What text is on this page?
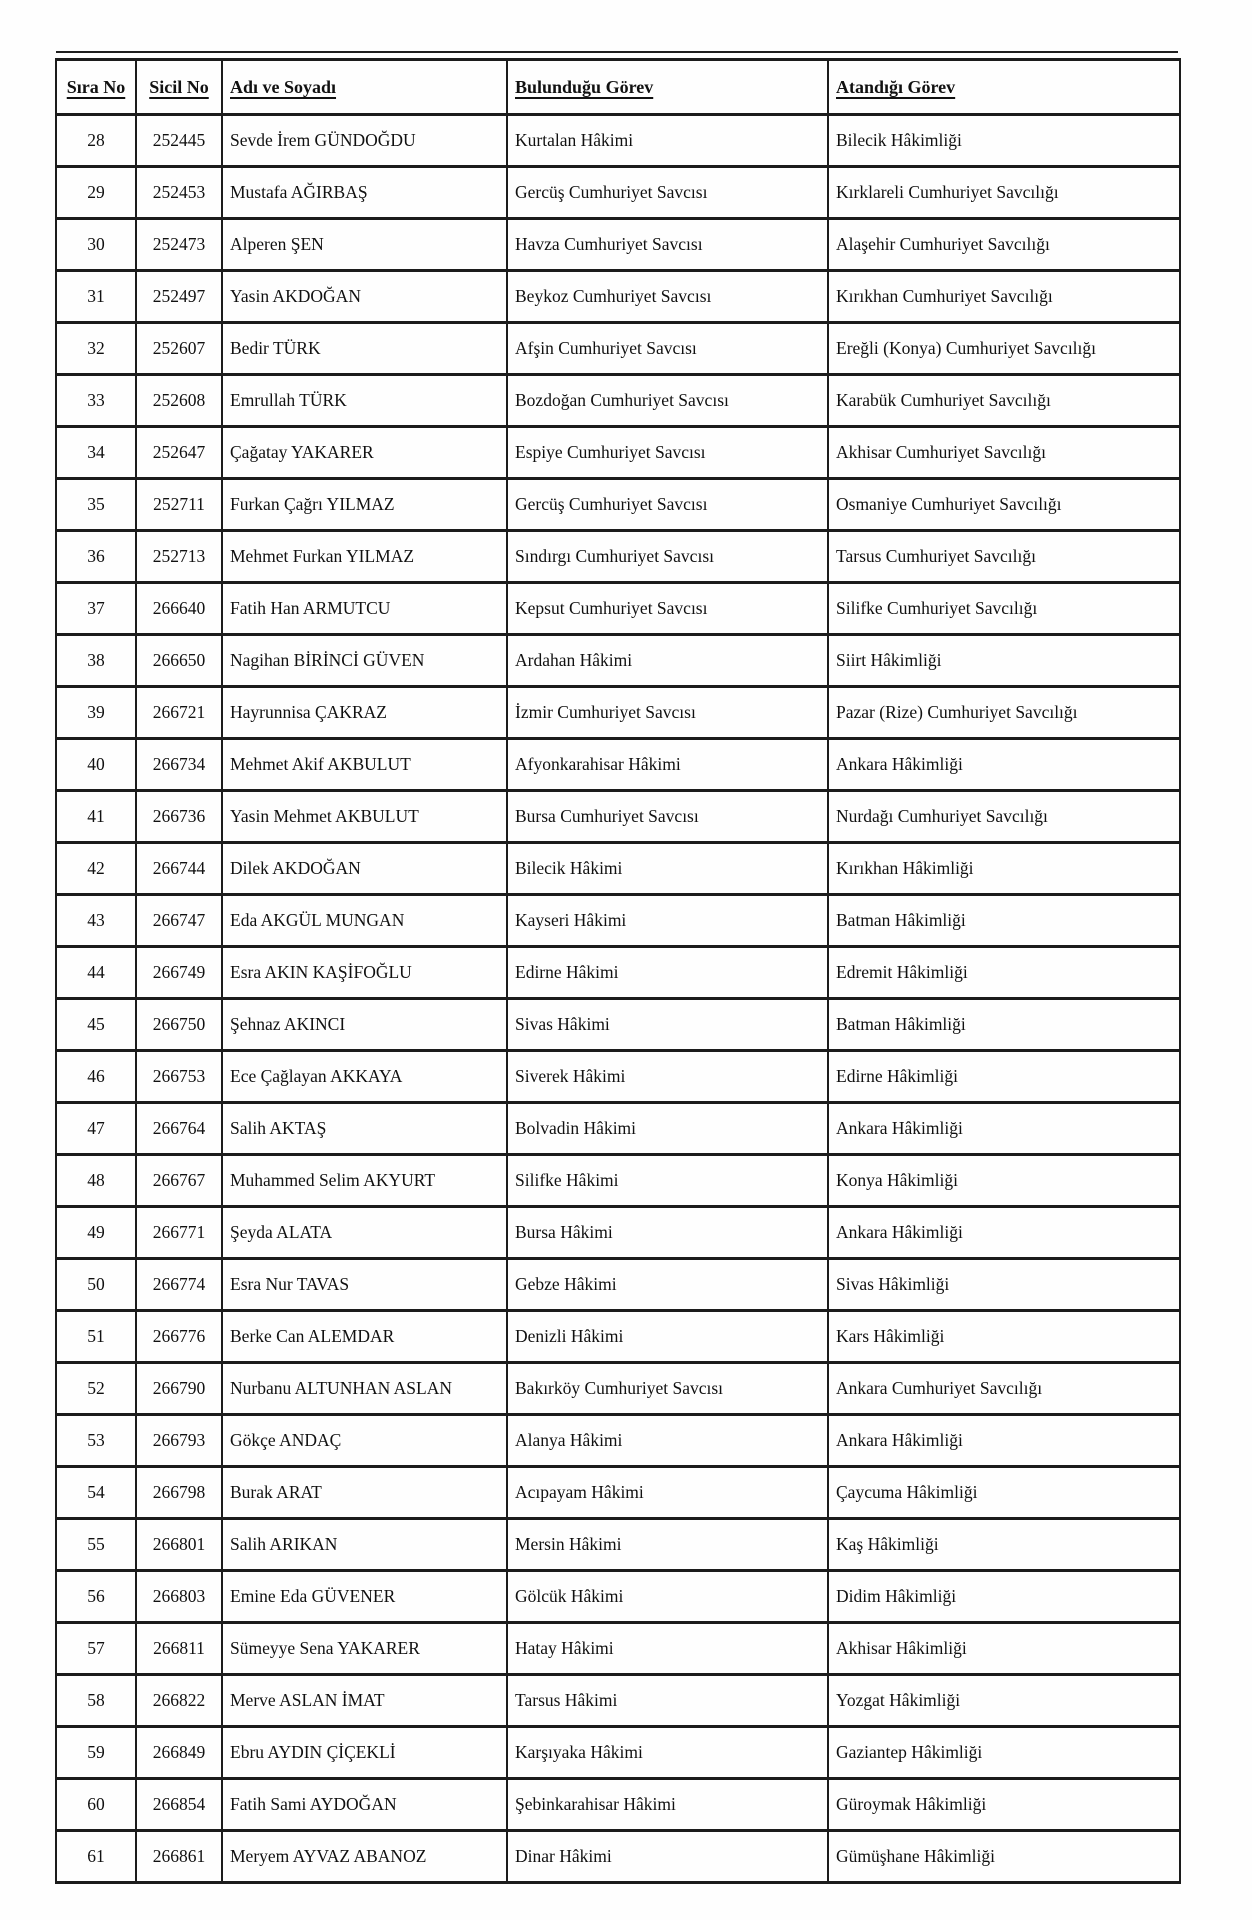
Sıra No	Sicil No	Adı ve Soyadı	Bulunduğu Görev	Atandığı Görev
28	252445	Sevde İrem GÜNDOĞDU	Kurtalan Hâkimi	Bilecik Hâkimliği
29	252453	Mustafa AĞIRBAŞ	Gercüş Cumhuriyet Savcısı	Kırklareli Cumhuriyet Savcılığı
30	252473	Alperen ŞEN	Havza Cumhuriyet Savcısı	Alaşehir Cumhuriyet Savcılığı
31	252497	Yasin AKDOĞAN	Beykoz Cumhuriyet Savcısı	Kırıkhan Cumhuriyet Savcılığı
32	252607	Bedir TÜRK	Afşin Cumhuriyet Savcısı	Ereğli (Konya) Cumhuriyet Savcılığı
33	252608	Emrullah TÜRK	Bozdoğan Cumhuriyet Savcısı	Karabük Cumhuriyet Savcılığı
34	252647	Çağatay YAKARER	Espiye Cumhuriyet Savcısı	Akhisar Cumhuriyet Savcılığı
35	252711	Furkan Çağrı YILMAZ	Gercüş Cumhuriyet Savcısı	Osmaniye Cumhuriyet Savcılığı
36	252713	Mehmet Furkan YILMAZ	Sındırgı Cumhuriyet Savcısı	Tarsus Cumhuriyet Savcılığı
37	266640	Fatih Han ARMUTCU	Kepsut Cumhuriyet Savcısı	Silifke Cumhuriyet Savcılığı
38	266650	Nagihan BİRİNCİ GÜVEN	Ardahan Hâkimi	Siirt Hâkimliği
39	266721	Hayrunnisa ÇAKRAZ	İzmir Cumhuriyet Savcısı	Pazar (Rize) Cumhuriyet Savcılığı
40	266734	Mehmet Akif AKBULUT	Afyonkarahisar Hâkimi	Ankara Hâkimliği
41	266736	Yasin Mehmet AKBULUT	Bursa Cumhuriyet Savcısı	Nurdağı Cumhuriyet Savcılığı
42	266744	Dilek AKDOĞAN	Bilecik Hâkimi	Kırıkhan Hâkimliği
43	266747	Eda AKGÜL MUNGAN	Kayseri Hâkimi	Batman Hâkimliği
44	266749	Esra AKIN KAŞİFOĞLU	Edirne Hâkimi	Edremit Hâkimliği
45	266750	Şehnaz AKINCI	Sivas Hâkimi	Batman Hâkimliği
46	266753	Ece Çağlayan AKKAYA	Siverek Hâkimi	Edirne Hâkimliği
47	266764	Salih AKTAŞ	Bolvadin Hâkimi	Ankara Hâkimliği
48	266767	Muhammed Selim AKYURT	Silifke Hâkimi	Konya Hâkimliği
49	266771	Şeyda ALATA	Bursa Hâkimi	Ankara Hâkimliği
50	266774	Esra Nur TAVAS	Gebze Hâkimi	Sivas Hâkimliği
51	266776	Berke Can ALEMDAR	Denizli Hâkimi	Kars Hâkimliği
52	266790	Nurbanu ALTUNHAN ASLAN	Bakırköy Cumhuriyet Savcısı	Ankara Cumhuriyet Savcılığı
53	266793	Gökçe ANDAÇ	Alanya Hâkimi	Ankara Hâkimliği
54	266798	Burak ARAT	Acıpayam Hâkimi	Çaycuma Hâkimliği
55	266801	Salih ARIKAN	Mersin Hâkimi	Kaş Hâkimliği
56	266803	Emine Eda GÜVENER	Gölcük Hâkimi	Didim Hâkimliği
57	266811	Sümeyye Sena YAKARER	Hatay Hâkimi	Akhisar Hâkimliği
58	266822	Merve ASLAN İMAT	Tarsus Hâkimi	Yozgat Hâkimliği
59	266849	Ebru AYDIN ÇİÇEKLİ	Karşıyaka Hâkimi	Gaziantep Hâkimliği
60	266854	Fatih Sami AYDOĞAN	Şebinkarahisar Hâkimi	Güroymak Hâkimliği
61	266861	Meryem AYVAZ ABANOZ	Dinar Hâkimi	Gümüşhane Hâkimliği
